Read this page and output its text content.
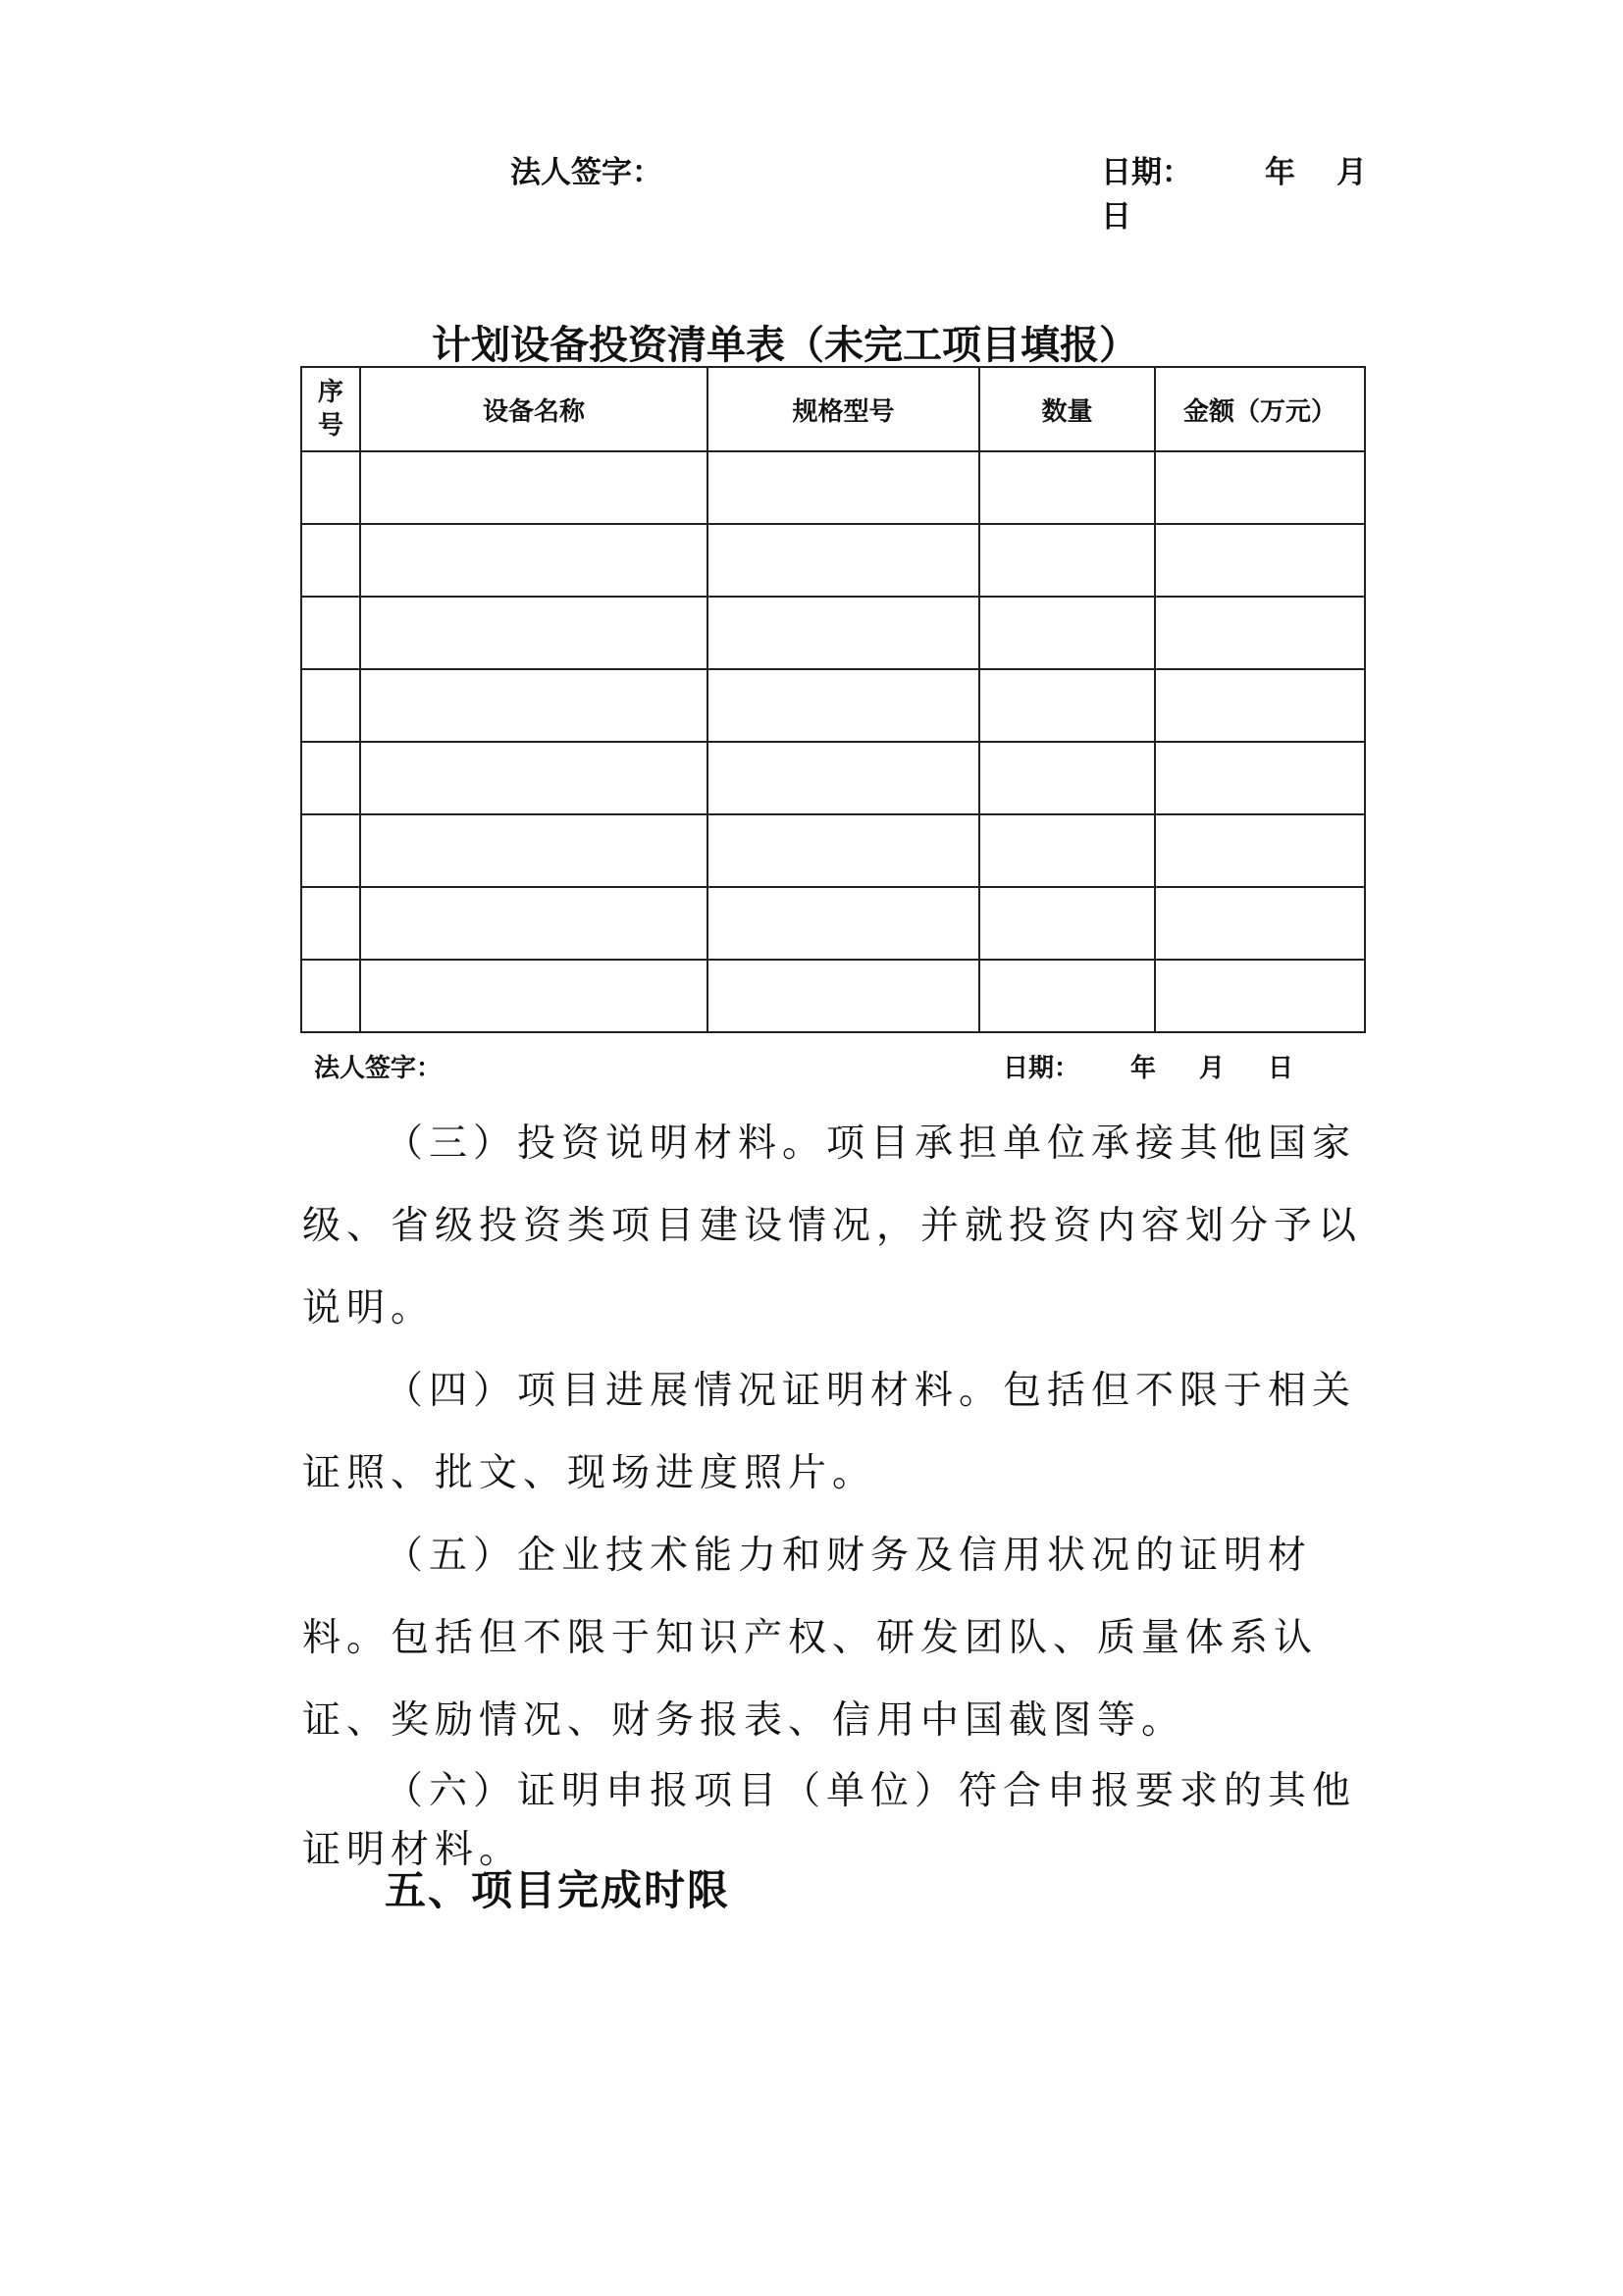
法人签字：	日期： 年 月日
计划设备投资清单表（未完工项目填报）
序
号	设备名称	规格型号	数量	金额（万元）

法人签字：	日期： 年 月 日

（三）投资说明材料。项目承担单位承接其他国家级、省级投资类项目建设情况，并就投资内容划分予以说明。

（四）项目进展情况证明材料。包括但不限于相关证照、批文、现场进度照片。

（五）企业技术能力和财务及信用状况的证明材料。包括但不限于知识产权、研发团队、质量体系认证、奖励情况、财务报表、信用中国截图等。

（六）证明申报项目（单位）符合申报要求的其他证明材料。

五、项目完成时限
